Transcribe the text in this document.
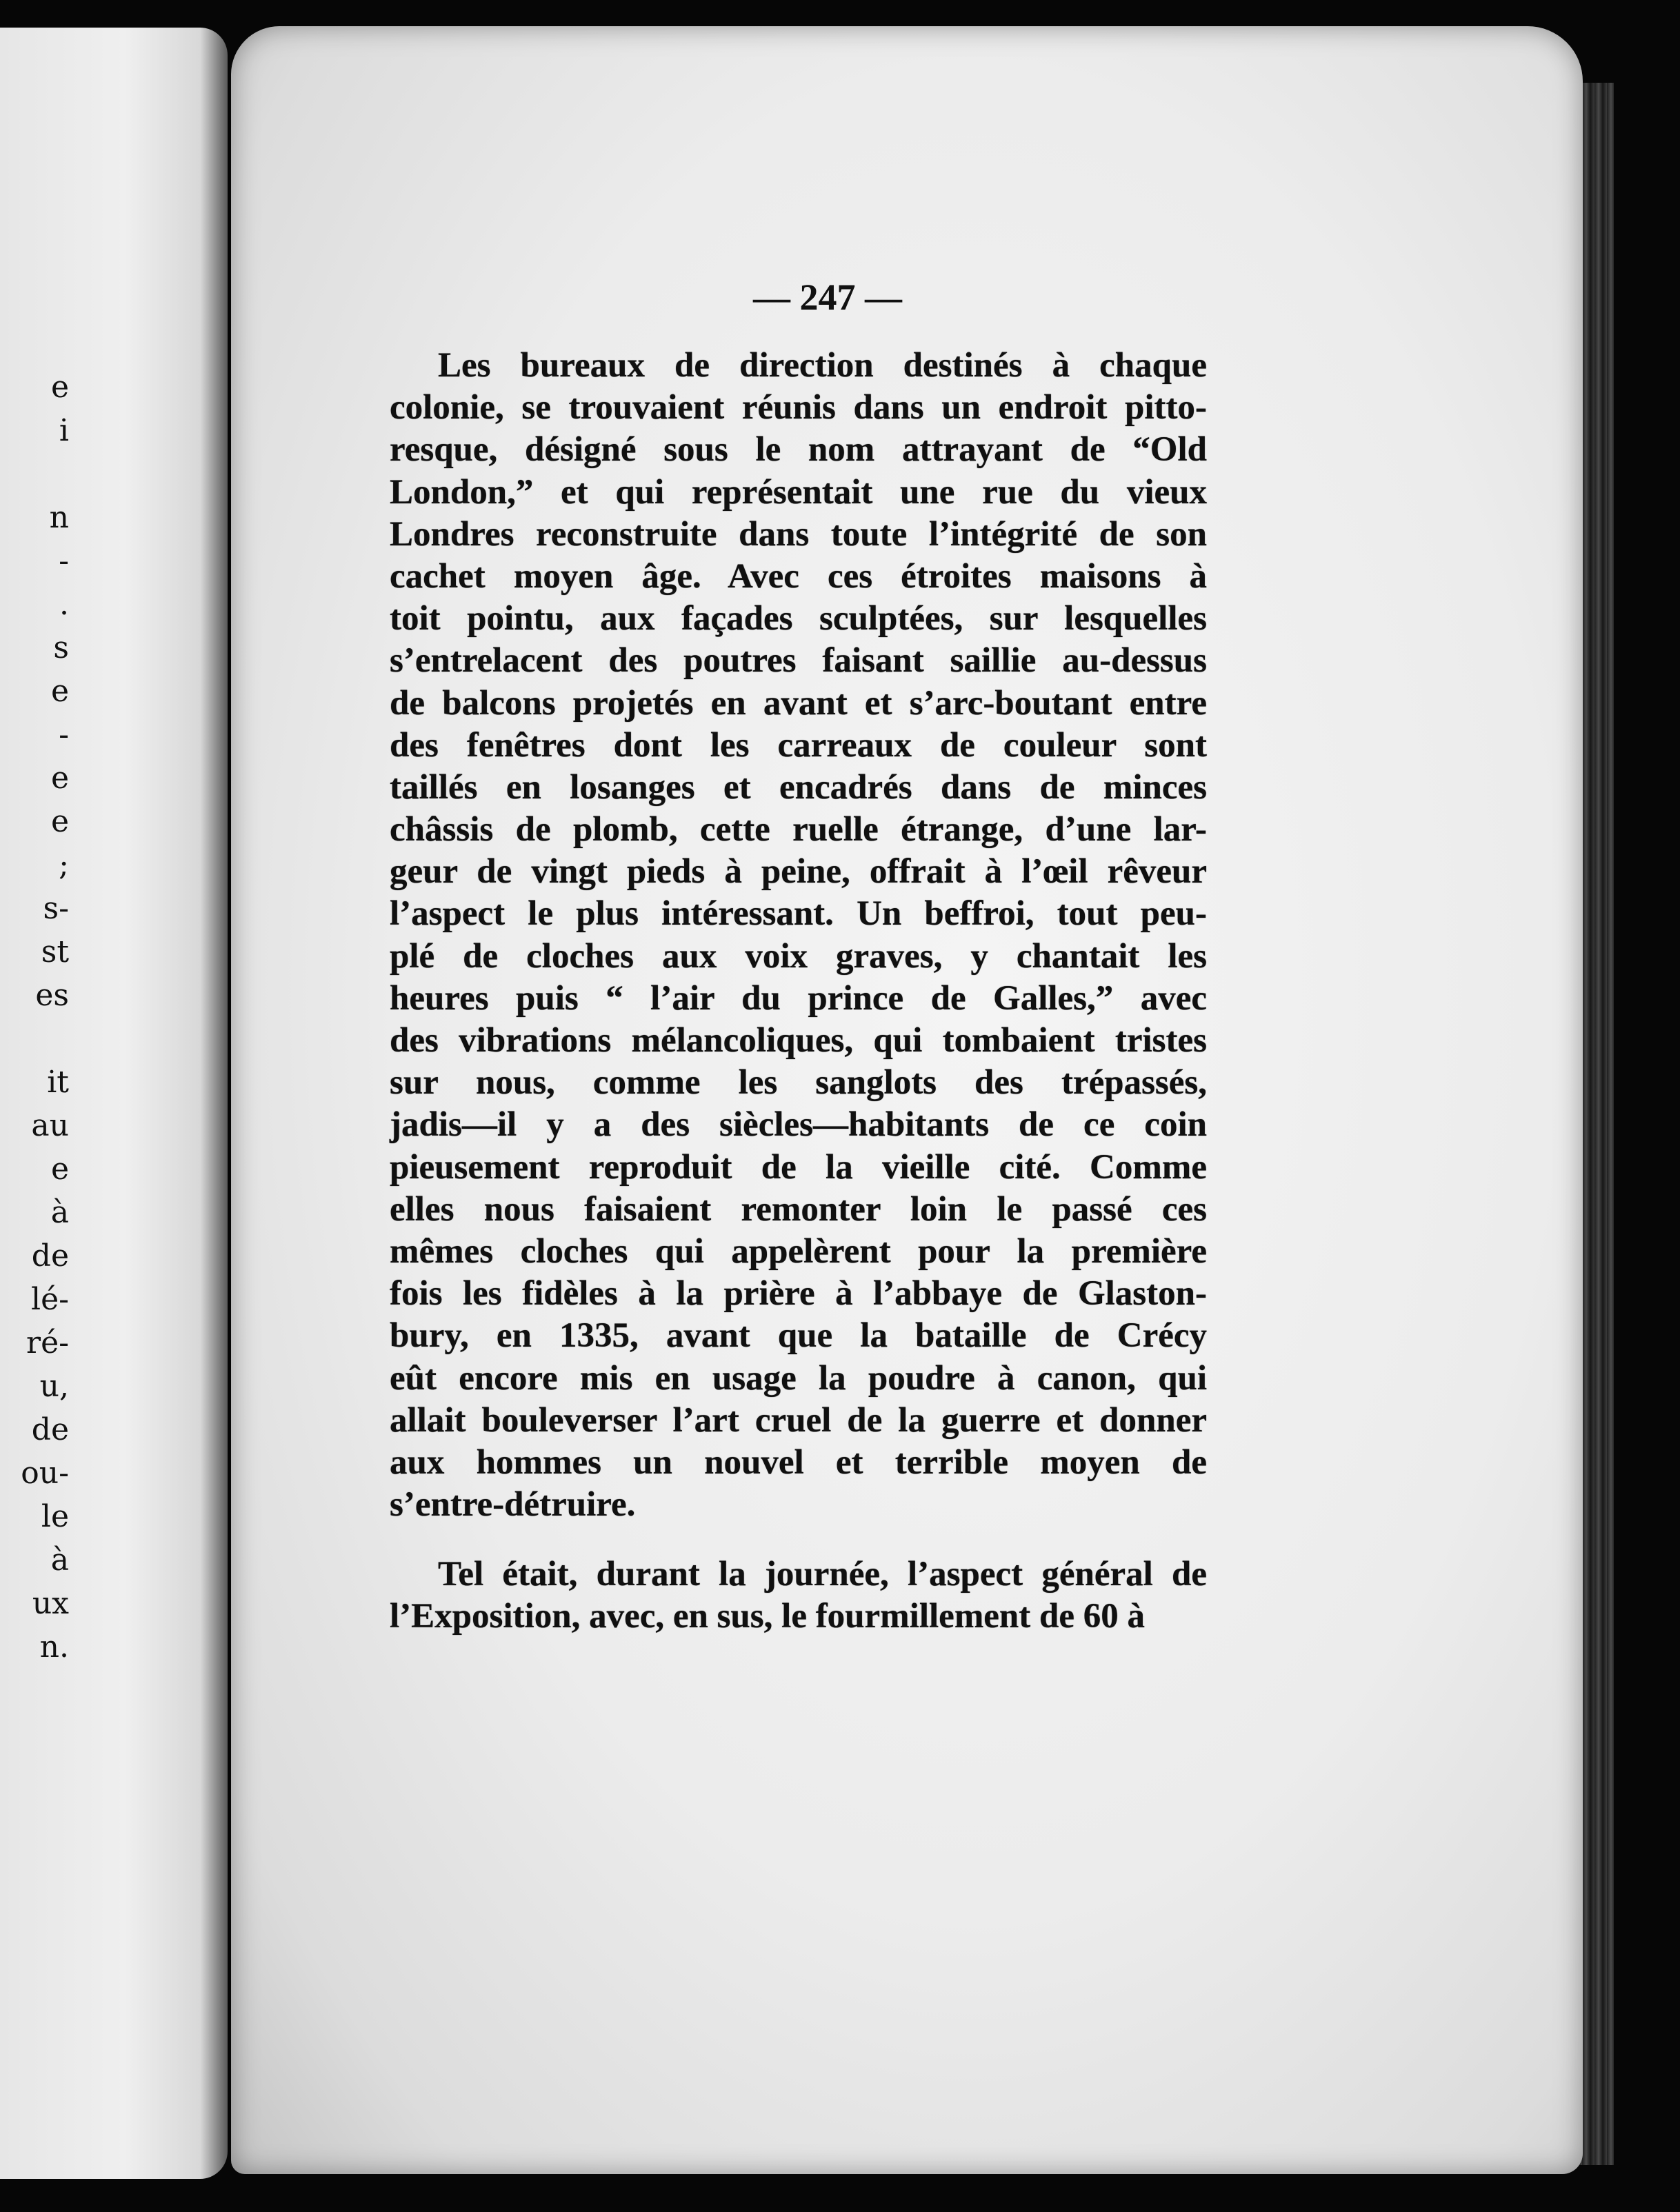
e
i
n
-
.
s
e
-
e
e
;
s-
st
es
it
au
e
à
de
lé-
ré-
u,
de
ou-
le
à
ux
n.
— 247 —
Les bureaux de direction destinés à chaque
colonie, se trouvaient réunis dans un endroit pitto-
resque, désigné sous le nom attrayant de “Old
London,” et qui représentait une rue du vieux
Londres reconstruite dans toute l’intégrité de son
cachet moyen âge. Avec ces étroites maisons à
toit pointu, aux façades sculptées, sur lesquelles
s’entrelacent des poutres faisant saillie au-dessus
de balcons projetés en avant et s’arc-boutant entre
des fenêtres dont les carreaux de couleur sont
taillés en losanges et encadrés dans de minces
châssis de plomb, cette ruelle étrange, d’une lar-
geur de vingt pieds à peine, offrait à l’œil rêveur
l’aspect le plus intéressant. Un beffroi, tout peu-
plé de cloches aux voix graves, y chantait les
heures puis “ l’air du prince de Galles,” avec
des vibrations mélancoliques, qui tombaient tristes
sur nous, comme les sanglots des trépassés,
jadis—il y a des siècles—habitants de ce coin
pieusement reproduit de la vieille cité. Comme
elles nous faisaient remonter loin le passé ces
mêmes cloches qui appelèrent pour la première
fois les fidèles à la prière à l’abbaye de Glaston-
bury, en 1335, avant que la bataille de Crécy
eût encore mis en usage la poudre à canon, qui
allait bouleverser l’art cruel de la guerre et donner
aux hommes un nouvel et terrible moyen de
s’entre-détruire.
Tel était, durant la journée, l’aspect général de
l’Exposition, avec, en sus, le fourmillement de 60 à
